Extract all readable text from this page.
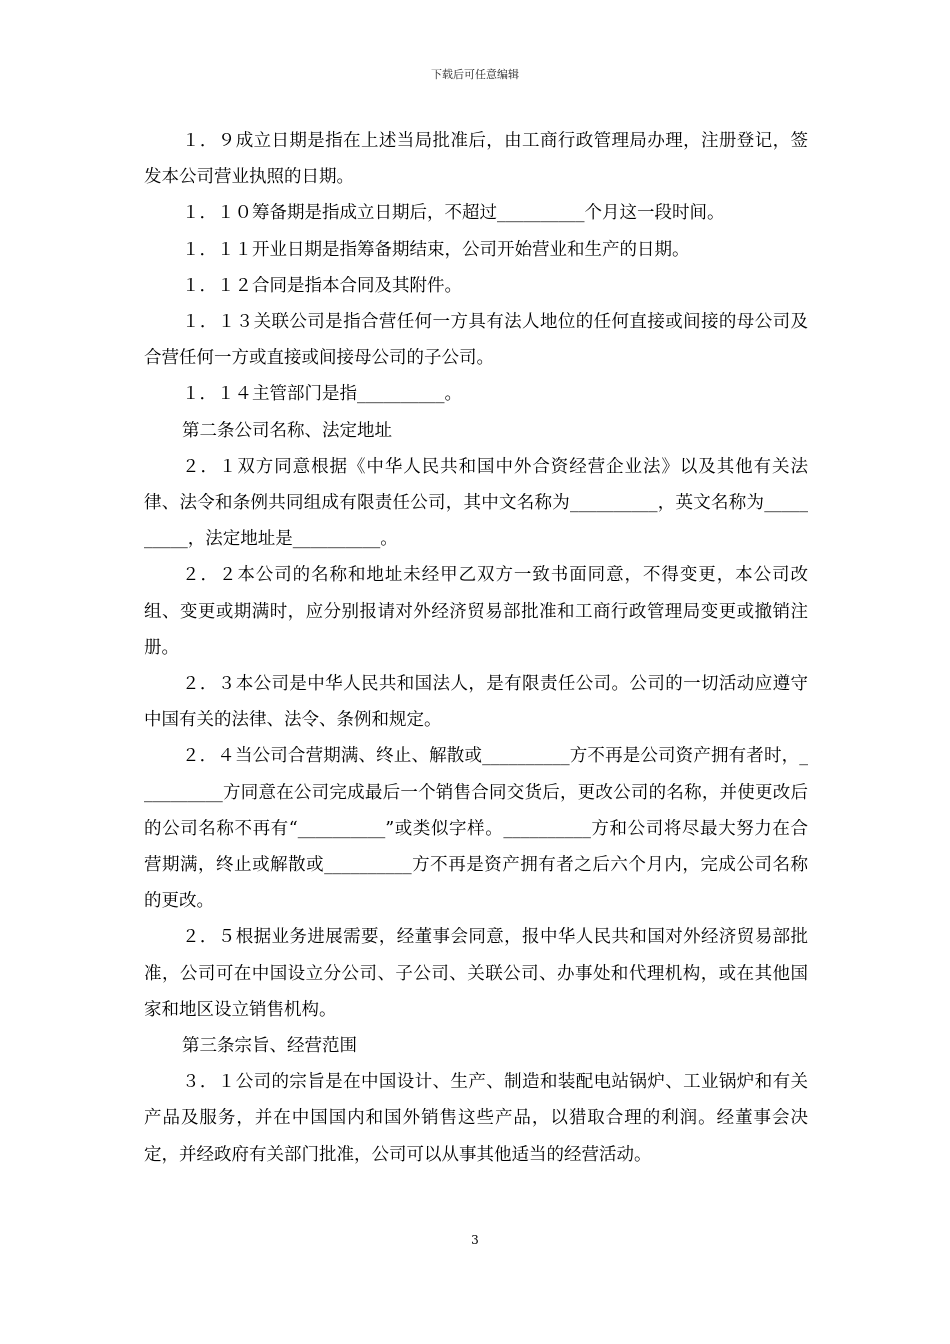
下载后可任意编辑

１．９成立日期是指在上述当局批准后，由工商行政管理局办理，注册登记，签发本公司营业执照的日期。

１．１０筹备期是指成立日期后，不超过__________个月这一段时间。

１．１１开业日期是指筹备期结束，公司开始营业和生产的日期。

１．１２合同是指本合同及其附件。

１．１３关联公司是指合营任何一方具有法人地位的任何直接或间接的母公司及合营任何一方或直接或间接母公司的子公司。

１．１４主管部门是指__________。

第二条公司名称、法定地址

２．１双方同意根据《中华人民共和国中外合资经营企业法》以及其他有关法律、法令和条例共同组成有限责任公司，其中文名称为__________，英文名称为__________，法定地址是__________。

２．２本公司的名称和地址未经甲乙双方一致书面同意，不得变更，本公司改组、变更或期满时，应分别报请对外经济贸易部批准和工商行政管理局变更或撤销注册。

２．３本公司是中华人民共和国法人，是有限责任公司。公司的一切活动应遵守中国有关的法律、法令、条例和规定。

２．４当公司合营期满、终止、解散或__________方不再是公司资产拥有者时，__________方同意在公司完成最后一个销售合同交货后，更改公司的名称，并使更改后的公司名称不再有“__________”或类似字样。__________方和公司将尽最大努力在合营期满，终止或解散或__________方不再是资产拥有者之后六个月内，完成公司名称的更改。

２．５根据业务进展需要，经董事会同意，报中华人民共和国对外经济贸易部批准，公司可在中国设立分公司、子公司、关联公司、办事处和代理机构，或在其他国家和地区设立销售机构。

第三条宗旨、经营范围

３．１公司的宗旨是在中国设计、生产、制造和装配电站锅炉、工业锅炉和有关产品及服务，并在中国国内和国外销售这些产品，以猎取合理的利润。经董事会决定，并经政府有关部门批准，公司可以从事其他适当的经营活动。

3
